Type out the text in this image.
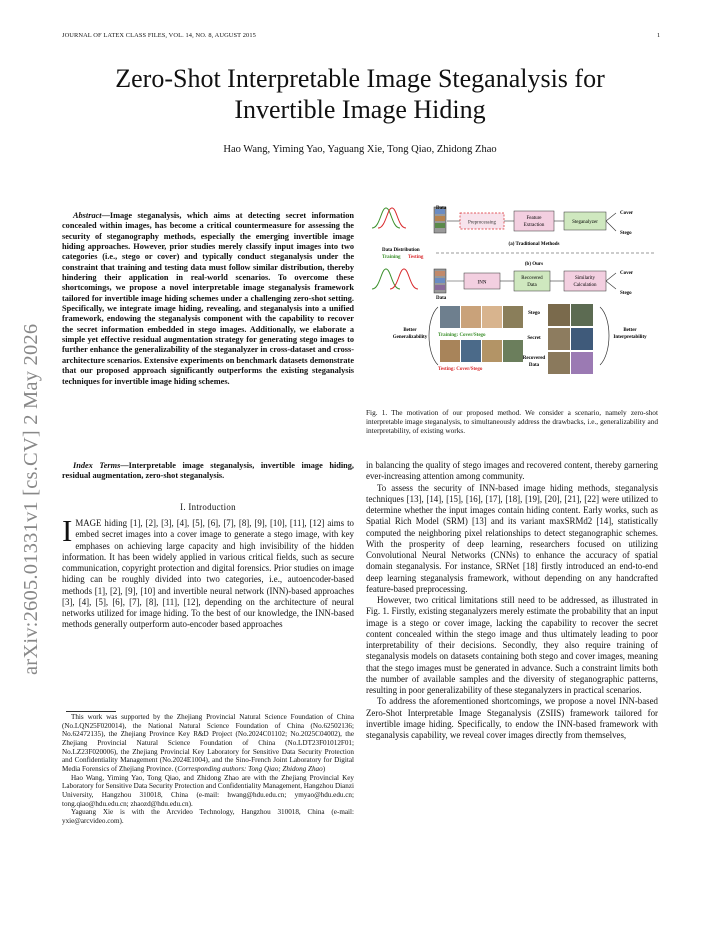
JOURNAL OF LATEX CLASS FILES, VOL. 14, NO. 8, AUGUST 2015	1
arXiv:2605.01331v1 [cs.CV] 2 May 2026
Zero-Shot Interpretable Image Steganalysis for
Invertible Image Hiding
Hao Wang, Yiming Yao, Yaguang Xie, Tong Qiao, Zhidong Zhao
Abstract—Image steganalysis, which aims at detecting secret information concealed within images, has become a critical countermeasure for assessing the security of steganography methods, especially the emerging invertible image hiding approaches. However, prior studies merely classify input images into two categories (i.e., stego or cover) and typically conduct steganalysis under the constraint that training and testing data must follow similar distribution, thereby hindering their application in real-world scenarios. To overcome these shortcomings, we propose a novel interpretable image steganalysis framework tailored for invertible image hiding schemes under a challenging zero-shot setting. Specifically, we integrate image hiding, revealing, and steganalysis into a unified framework, endowing the steganalysis component with the capability to recover the secret information embedded in stego images. Additionally, we elaborate a simple yet effective residual augmentation strategy for generating stego images to further enhance the generalizability of the steganalyzer in cross-dataset and cross-architecture scenarios. Extensive experiments on benchmark datasets demonstrate that our proposed approach significantly outperforms the existing steganalysis techniques for invertible image hiding schemes.
Index Terms—Interpretable image steganalysis, invertible image hiding, residual augmentation, zero-shot steganalysis.
I. Introduction
IMAGE hiding [1], [2], [3], [4], [5], [6], [7], [8], [9], [10], [11], [12] aims to embed secret images into a cover image to generate a stego image, with key emphases on achieving large capacity and high invisibility of the hidden information. It has been widely applied in various critical fields, such as secure communication, copyright protection and digital forensics. Prior studies on image hiding can be roughly divided into two categories, i.e., autoencoder-based methods [1], [2], [9], [10] and invertible neural network (INN)-based approaches [3], [4], [5], [6], [7], [8], [11], [12], depending on the architecture of neural networks utilized for image hiding. To the best of our knowledge, the INN-based methods generally outperform auto-encoder based approaches

This work was supported by the Zhejiang Provincial Natural Science Foundation of China (No.LQN25F020014), the National Natural Science Foundation of China (No.62502136; No.62472135), the Zhejiang Province Key R&D Project (No.2024C01102; No.2025C04002), the Zhejiang Provincial Natural Science Foundation of China (No.LDT23F01012F01; No.LZ23F020006), the Zhejiang Provincial Key Laboratory for Sensitive Data Security Protection and Confidentiality Management (No.2024E1004), and the Sino-French Joint Laboratory for Digital Media Forensics of Zhejiang Province. (Corresponding authors: Tong Qiao; Zhidong Zhao)

Hao Wang, Yiming Yao, Tong Qiao, and Zhidong Zhao are with the Zhejiang Provincial Key Laboratory for Sensitive Data Security Protection and Confidentiality Management, Hangzhou Dianzi University, Hangzhou 310018, China (e-mail: hwang@hdu.edu.cn; ymyao@hdu.edu.cn; tong.qiao@hdu.edu.cn; zhaozd@hdu.edu.cn).

Yaguang Xie is with the Arcvideo Technology, Hangzhou 310018, China (e-mail: yxie@arcvideo.com).

Data
Preprocessing
Feature
Extraction
Steganalyzer
Cover
Stego
(a) Traditional Methods
Data Distribution
Training Testing
(b) Ours
Data
INN
Recovered
Data
Similarity
Calculation
Cover
Stego
Better
Generalizability Training: Cover/Stego
Testing: Cover/Stego
Stego
Secret
Recovered
Data
Better
Interpretability
Fig. 1. The motivation of our proposed method. We consider a scenario, namely zero-shot interpretable image steganalysis, to simultaneously address the drawbacks, i.e., generalizability and interpretability, of existing works.
in balancing the quality of stego images and recovered content, thereby garnering ever-increasing attention among community.
To assess the security of INN-based image hiding methods, steganalysis techniques [13], [14], [15], [16], [17], [18], [19], [20], [21], [22] were utilized to determine whether the input images contain hiding content. Early works, such as Spatial Rich Model (SRM) [13] and its variant maxSRMd2 [14], statistically computed the neighboring pixel relationships to detect steganographic schemes. With the prosperity of deep learning, researchers focused on utilizing Convolutional Neural Networks (CNNs) to enhance the accuracy of spatial domain steganalysis. For instance, SRNet [18] firstly introduced an end-to-end deep learning steganalysis framework, without depending on any handcrafted feature-based preprocessing.
However, two critical limitations still need to be addressed, as illustrated in Fig. 1. Firstly, existing steganalyzers merely estimate the probability that an input image is a stego or cover image, lacking the capability to recover the secret content concealed within the stego image and thus ultimately leading to poor interpretability of their decisions. Secondly, they also require training of steganalysis models on datasets containing both stego and cover images, meaning that the stego images must be generated in advance. Such a constraint limits both the number of available samples and the diversity of steganographic patterns, resulting in poor generalizability of these steganalyzers in practical scenarios.
To address the aforementioned shortcomings, we propose a novel INN-based Zero-Shot Interpretable Image Steganalysis (ZSIIS) framework tailored for invertible image hiding. Specifically, to endow the INN-based framework with steganalysis capability, we reveal cover images directly from themselves,
